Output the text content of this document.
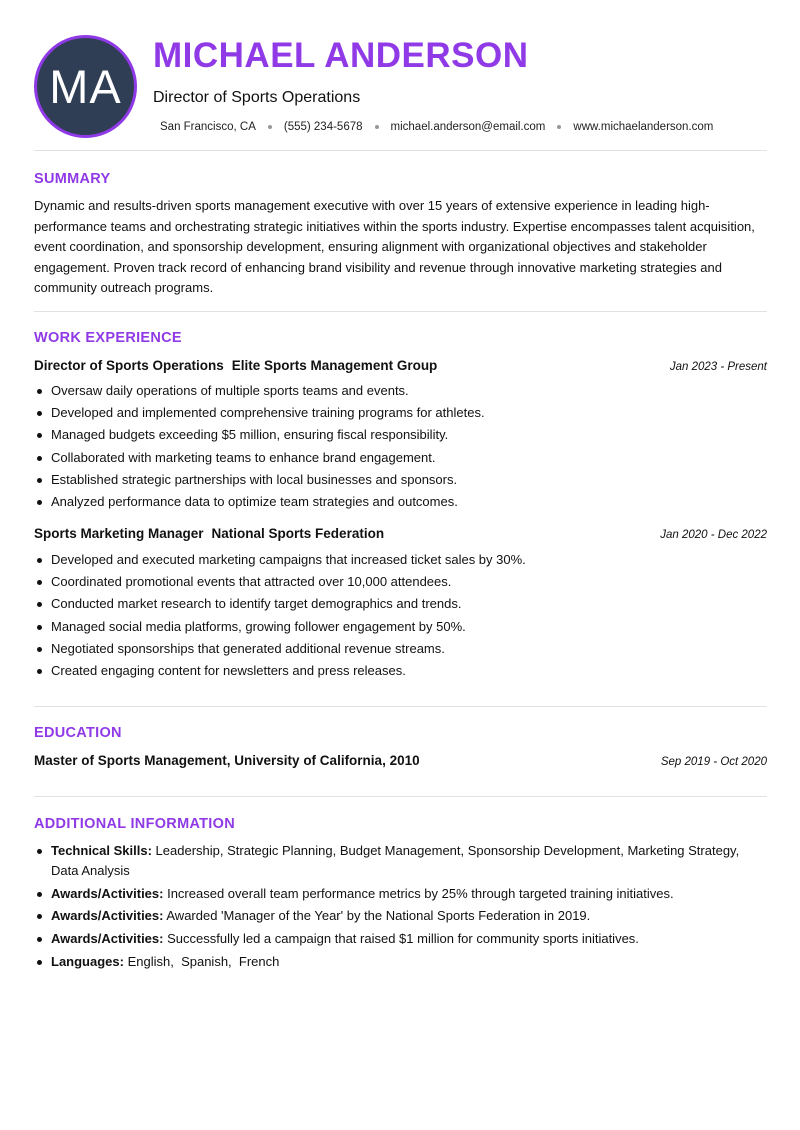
MA
MICHAEL ANDERSON
Director of Sports Operations
San Francisco, CA (555) 234-5678 michael.anderson@email.com www.michaelanderson.com
SUMMARY
Dynamic and results-driven sports management executive with over 15 years of extensive experience in leading high-performance teams and orchestrating strategic initiatives within the sports industry. Expertise encompasses talent acquisition, event coordination, and sponsorship development, ensuring alignment with organizational objectives and stakeholder engagement. Proven track record of enhancing brand visibility and revenue through innovative marketing strategies and community outreach programs.
WORK EXPERIENCE
Director of Sports Operations Elite Sports Management Group	Jan 2023 - Present
Oversaw daily operations of multiple sports teams and events.
Developed and implemented comprehensive training programs for athletes.
Managed budgets exceeding $5 million, ensuring fiscal responsibility.
Collaborated with marketing teams to enhance brand engagement.
Established strategic partnerships with local businesses and sponsors.
Analyzed performance data to optimize team strategies and outcomes.
Sports Marketing Manager National Sports Federation	Jan 2020 - Dec 2022
Developed and executed marketing campaigns that increased ticket sales by 30%.
Coordinated promotional events that attracted over 10,000 attendees.
Conducted market research to identify target demographics and trends.
Managed social media platforms, growing follower engagement by 50%.
Negotiated sponsorships that generated additional revenue streams.
Created engaging content for newsletters and press releases.
EDUCATION
Master of Sports Management, University of California, 2010	Sep 2019 - Oct 2020
ADDITIONAL INFORMATION
Technical Skills: Leadership, Strategic Planning, Budget Management, Sponsorship Development, Marketing Strategy, Data Analysis
Awards/Activities: Increased overall team performance metrics by 25% through targeted training initiatives.
Awards/Activities: Awarded 'Manager of the Year' by the National Sports Federation in 2019.
Awards/Activities: Successfully led a campaign that raised $1 million for community sports initiatives.
Languages: English,  Spanish,  French
